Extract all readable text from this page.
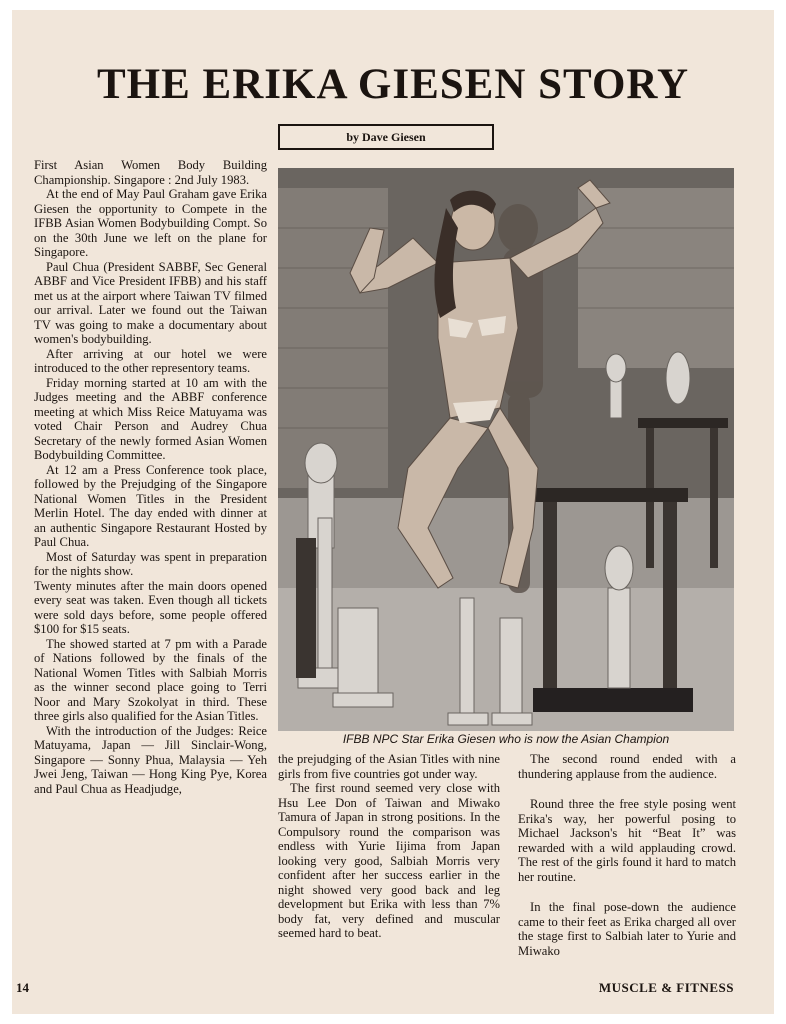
THE ERIKA GIESEN STORY
by Dave Giesen

First Asian Women Body Building Championship. Singapore : 2nd July 1983.

At the end of May Paul Graham gave Erika Giesen the opportunity to Compete in the IFBB Asian Women Bodybuilding Compt. So on the 30th June we left on the plane for Singapore.

Paul Chua (President SABBF, Sec General ABBF and Vice President IFBB) and his staff met us at the airport where Taiwan TV filmed our arrival. Later we found out the Taiwan TV was going to make a documentary about women's bodybuilding.

After arriving at our hotel we were introduced to the other representory teams.

Friday morning started at 10 am with the Judges meeting and the ABBF conference meeting at which Miss Reice Matuyama was voted Chair Person and Audrey Chua Secretary of the newly formed Asian Women Bodybuilding Committee.

At 12 am a Press Conference took place, followed by the Prejudging of the Singapore National Women Titles in the President Merlin Hotel. The day ended with dinner at an authentic Singapore Restaurant Hosted by Paul Chua.

Most of Saturday was spent in preparation for the nights show.

Twenty minutes after the main doors opened every seat was taken. Even though all tickets were sold days before, some people offered $100 for $15 seats.

The showed started at 7 pm with a Parade of Nations followed by the finals of the National Women Titles with Salbiah Morris as the winner second place going to Terri Noor and Mary Szokolyat in third. These three girls also qualified for the Asian Titles.

With the introduction of the Judges: Reice Matuyama, Japan — Jill Sinclair-Wong, Singapore — Sonny Phua, Malaysia — Yeh Jwei Jeng, Taiwan — Hong King Pye, Korea and Paul Chua as Headjudge,

IFBB NPC Star Erika Giesen who is now the Asian Champion

the prejudging of the Asian Titles with nine girls from five countries got under way.

The first round seemed very close with Hsu Lee Don of Taiwan and Miwako Tamura of Japan in strong positions. In the Compulsory round the comparison was endless with Yurie Iijima from Japan looking very good, Salbiah Morris very confident after her success earlier in the night showed very good back and leg development but Erika with less than 7% body fat, very defined and muscular seemed hard to beat.

The second round ended with a thundering applause from the audience.

Round three the free style posing went Erika's way, her powerful posing to Michael Jackson's hit “Beat It” was rewarded with a wild applauding crowd. The rest of the girls found it hard to match her routine.

In the final pose-down the audience came to their feet as Erika charged all over the stage first to Salbiah later to Yurie and Miwako

14	MUSCLE & FITNESS
